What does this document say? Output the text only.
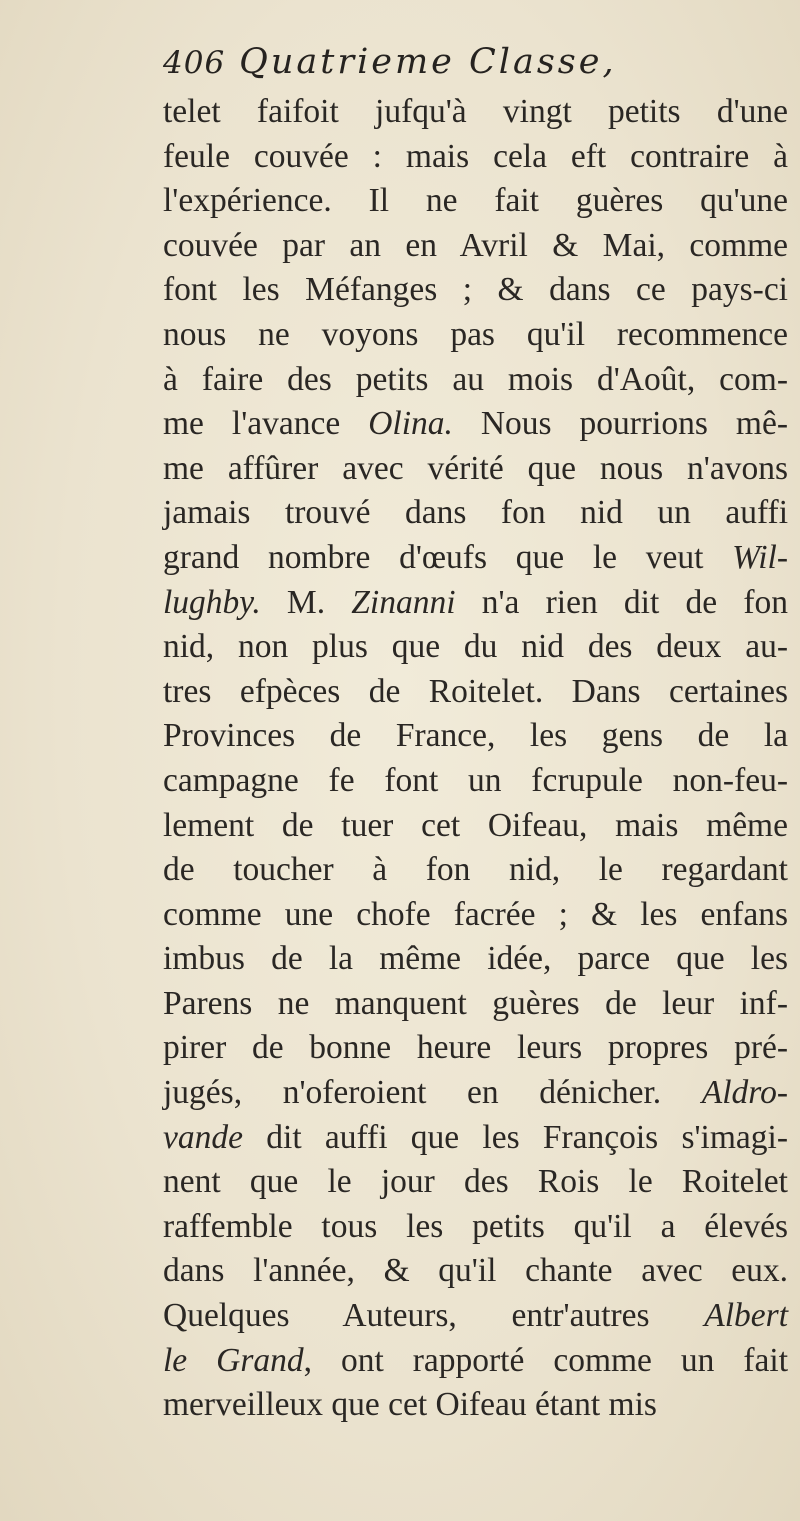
406 Quatrieme Classe,
telet faifoit jufqu'à vingt petits d'une
feule couvée : mais cela eft contraire à
l'expérience. Il ne fait guères qu'une
couvée par an en Avril & Mai, comme
font les Méfanges ; & dans ce pays-ci
nous ne voyons pas qu'il recommence
à faire des petits au mois d'Août, com-
me l'avance Olina. Nous pourrions mê-
me affûrer avec vérité que nous n'avons
jamais trouvé dans fon nid un auffi
grand nombre d'œufs que le veut Wil-
lughby. M. Zinanni n'a rien dit de fon
nid, non plus que du nid des deux au-
tres efpèces de Roitelet. Dans certaines
Provinces de France, les gens de la
campagne fe font un fcrupule non-feu-
lement de tuer cet Oifeau, mais même
de toucher à fon nid, le regardant
comme une chofe facrée ; & les enfans
imbus de la même idée, parce que les
Parens ne manquent guères de leur inf-
pirer de bonne heure leurs propres pré-
jugés, n'oferoient en dénicher. Aldro-
vande dit auffi que les François s'imagi-
nent que le jour des Rois le Roitelet
raffemble tous les petits qu'il a élevés
dans l'année, & qu'il chante avec eux.
Quelques Auteurs, entr'autres Albert
le Grand, ont rapporté comme un fait
merveilleux que cet Oifeau étant mis
